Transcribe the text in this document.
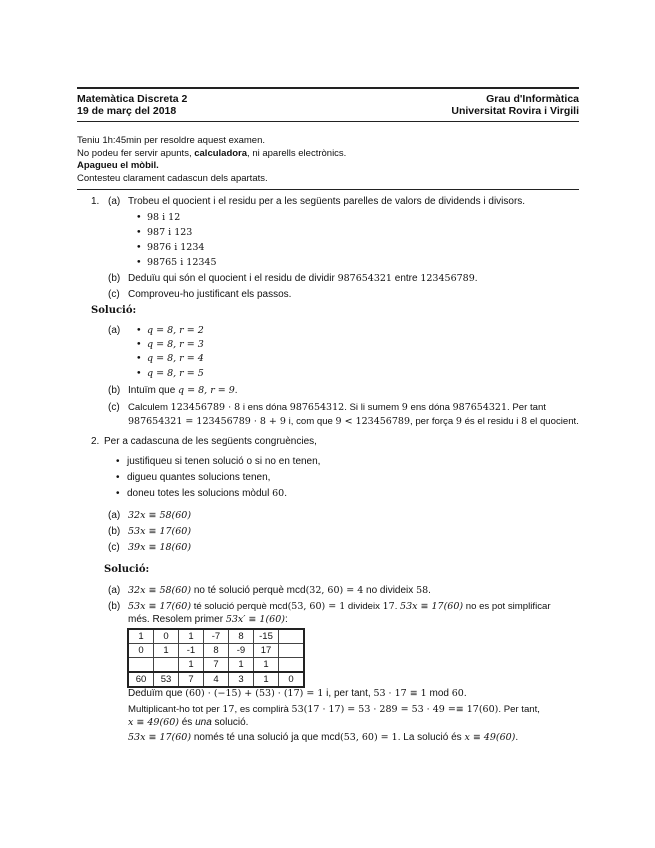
Matemàtica Discreta 2
19 de març del 2018
Grau d'Informàtica
Universitat Rovira i Virgili
Teniu 1h:45min per resoldre aquest examen.
No podeu fer servir apunts, calculadora, ni aparells electrònics.
Apagueu el mòbil.
Contesteu clarament cadascun dels apartats.
1. (a) Trobeu el quocient i el residu per a les següents parelles de valors de dividends i divisors.
• 98 i 12
• 987 i 123
• 9876 i 1234
• 98765 i 12345
(b) Deduïu qui són el quocient i el residu de dividir 987654321 entre 123456789.
(c) Comproveu-ho justificant els passos.
Solució:
(a)	• q = 8, r = 2
• q = 8, r = 3
• q = 8, r = 4
• q = 8, r = 5
(b) Intuïm que q = 8, r = 9.
(c) Calculem 123456789 · 8 i ens dóna 987654312. Si li sumem 9 ens dóna 987654321. Per tant
987654321 = 123456789 · 8 + 9 i, com que 9 < 123456789, per força 9 és el residu i 8 el quocient.
2. Per a cadascuna de les següents congruències,
• justifiqueu si tenen solució o si no en tenen,
• digueu quantes solucions tenen,
• doneu totes les solucions mòdul 60.
(a) 32x ≡ 58(60)
(b) 53x ≡ 17(60)
(c) 39x ≡ 18(60)
Solució:
(a) 32x ≡ 58(60) no té solució perquè mcd(32, 60) = 4 no divideix 58.
(b) 53x ≡ 17(60) té solució perquè mcd(53, 60) = 1 divideix 17. 53x ≡ 17(60) no es pot simplificar
més. Resolem primer 53x′ ≡ 1(60):
1	0	1	-7	8	-15	
0	1	-1	8	-9	17	
		1	7	1	1	
60	53	7	4	3	1	0
Deduïm que (60) · (−15) + (53) · (17) = 1 i, per tant, 53 · 17 ≡ 1 mod 60.
Multiplicant-ho tot per 17, es complirà 53(17 · 17) = 53 · 289 = 53 · 49 =≡ 17(60). Per tant,
x ≡ 49(60) és una solució.
53x ≡ 17(60) només té una solució ja que mcd(53, 60) = 1. La solució és x ≡ 49(60).
